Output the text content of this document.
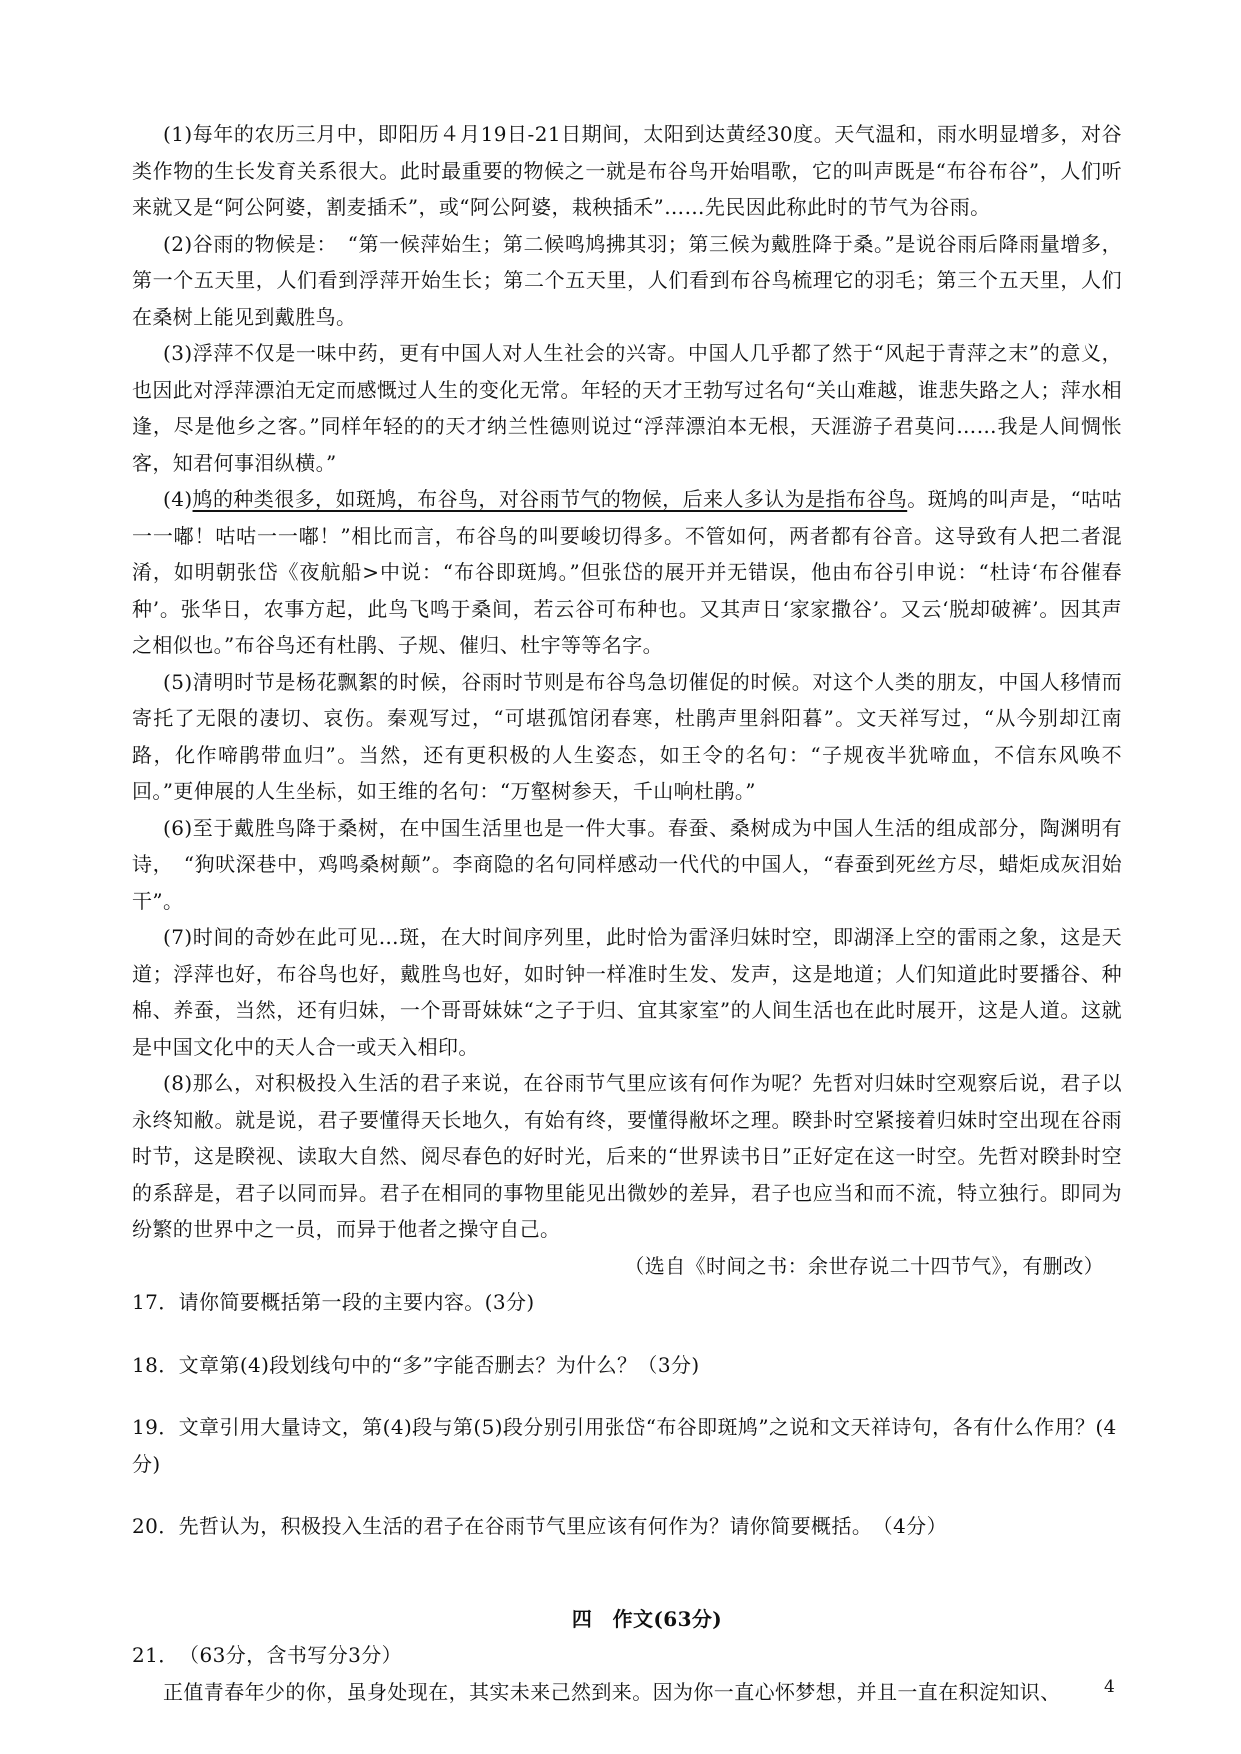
(1)每年的农历三月中，即阳历４月19日-21日期间，太阳到达黄经30度。天气温和，雨水明显增多，对谷类作物的生长发育关系很大。此时最重要的物候之一就是布谷鸟开始唱歌，它的叫声既是“布谷布谷”，人们听来就又是“阿公阿婆，割麦插禾”，或“阿公阿婆，栽秧插禾”……先民因此称此时的节气为谷雨。

(2)谷雨的物候是：　“第一候萍始生；第二候鸣鸠拂其羽；第三候为戴胜降于桑。”是说谷雨后降雨量增多，第一个五天里，人们看到浮萍开始生长；第二个五天里，人们看到布谷鸟梳理它的羽毛；第三个五天里，人们在桑树上能见到戴胜鸟。

(3)浮萍不仅是一味中药，更有中国人对人生社会的兴寄。中国人几乎都了然于“风起于青萍之末”的意义，也因此对浮萍漂泊无定而感慨过人生的变化无常。年轻的天才王勃写过名句“关山难越，谁悲失路之人；萍水相逢，尽是他乡之客。”同样年轻的的天才纳兰性德则说过“浮萍漂泊本无根，天涯游子君莫问……我是人间惆怅客，知君何事泪纵横。”

(4)鸠的种类很多，如斑鸠，布谷鸟，对谷雨节气的物候，后来人多认为是指布谷鸟。斑鸠的叫声是，“咕咕一一嘟！咕咕一一嘟！”相比而言，布谷鸟的叫要峻切得多。不管如何，两者都有谷音。这导致有人把二者混淆，如明朝张岱《夜航船>中说：“布谷即斑鸠。”但张岱的展开并无错误，他由布谷引申说：“杜诗‘布谷催春种’。张华日，农事方起，此鸟飞鸣于桑间，若云谷可布种也。又其声日‘家家撒谷’。又云‘脱却破裤’。因其声之相似也。”布谷鸟还有杜鹃、子规、催归、杜宇等等名字。

(5)清明时节是杨花飘絮的时候，谷雨时节则是布谷鸟急切催促的时候。对这个人类的朋友，中国人移情而寄托了无限的凄切、哀伤。秦观写过，“可堪孤馆闭春寒，杜鹃声里斜阳暮”。文天祥写过，“从今别却江南路，化作啼鹃带血归”。当然，还有更积极的人生姿态，如王令的名句：“子规夜半犹啼血，不信东风唤不回。”更伸展的人生坐标，如王维的名句：“万壑树参天，千山响杜鹃。”

(6)至于戴胜鸟降于桑树，在中国生活里也是一件大事。春蚕、桑树成为中国人生活的组成部分，陶渊明有诗，　“狗吠深巷中，鸡鸣桑树颠”。李商隐的名句同样感动一代代的中国人，“春蚕到死丝方尽，蜡炬成灰泪始干”。

(7)时间的奇妙在此可见…斑，在大时间序列里，此时恰为雷泽归妹时空，即湖泽上空的雷雨之象，这是天道；浮萍也好，布谷鸟也好，戴胜鸟也好，如时钟一样准时生发、发声，这是地道；人们知道此时要播谷、种棉、养蚕，当然，还有归妹，一个哥哥妹妹“之子于归、宜其家室”的人间生活也在此时展开，这是人道。这就是中国文化中的天人合一或天入相印。

(8)那么，对积极投入生活的君子来说，在谷雨节气里应该有何作为呢？先哲对归妹时空观察后说，君子以永终知敝。就是说，君子要懂得天长地久，有始有终，要懂得敝坏之理。睽卦时空紧接着归妹时空出现在谷雨时节，这是睽视、读取大自然、阅尽春色的好时光，后来的“世界读书日”正好定在这一时空。先哲对睽卦时空的系辞是，君子以同而异。君子在相同的事物里能见出微妙的差异，君子也应当和而不流，特立独行。即同为纷繁的世界中之一员，而异于他者之操守自己。

（选自《时间之书：余世存说二十四节气》，有删改）

17．请你简要概括第一段的主要内容。(3分)

18．文章第(4)段划线句中的“多”字能否删去？为什么？（3分)

19．文章引用大量诗文，第(4)段与第(5)段分别引用张岱“布谷即斑鸠”之说和文天祥诗句，各有什么作用？(4分)

20．先哲认为，积极投入生活的君子在谷雨节气里应该有何作为？请你简要概括。　（4分）

四　作文(63分)

21．　（63分，含书写分3分）

正值青春年少的你，虽身处现在，其实未来己然到来。因为你一直心怀梦想，并且一直在积淀知识、	4
